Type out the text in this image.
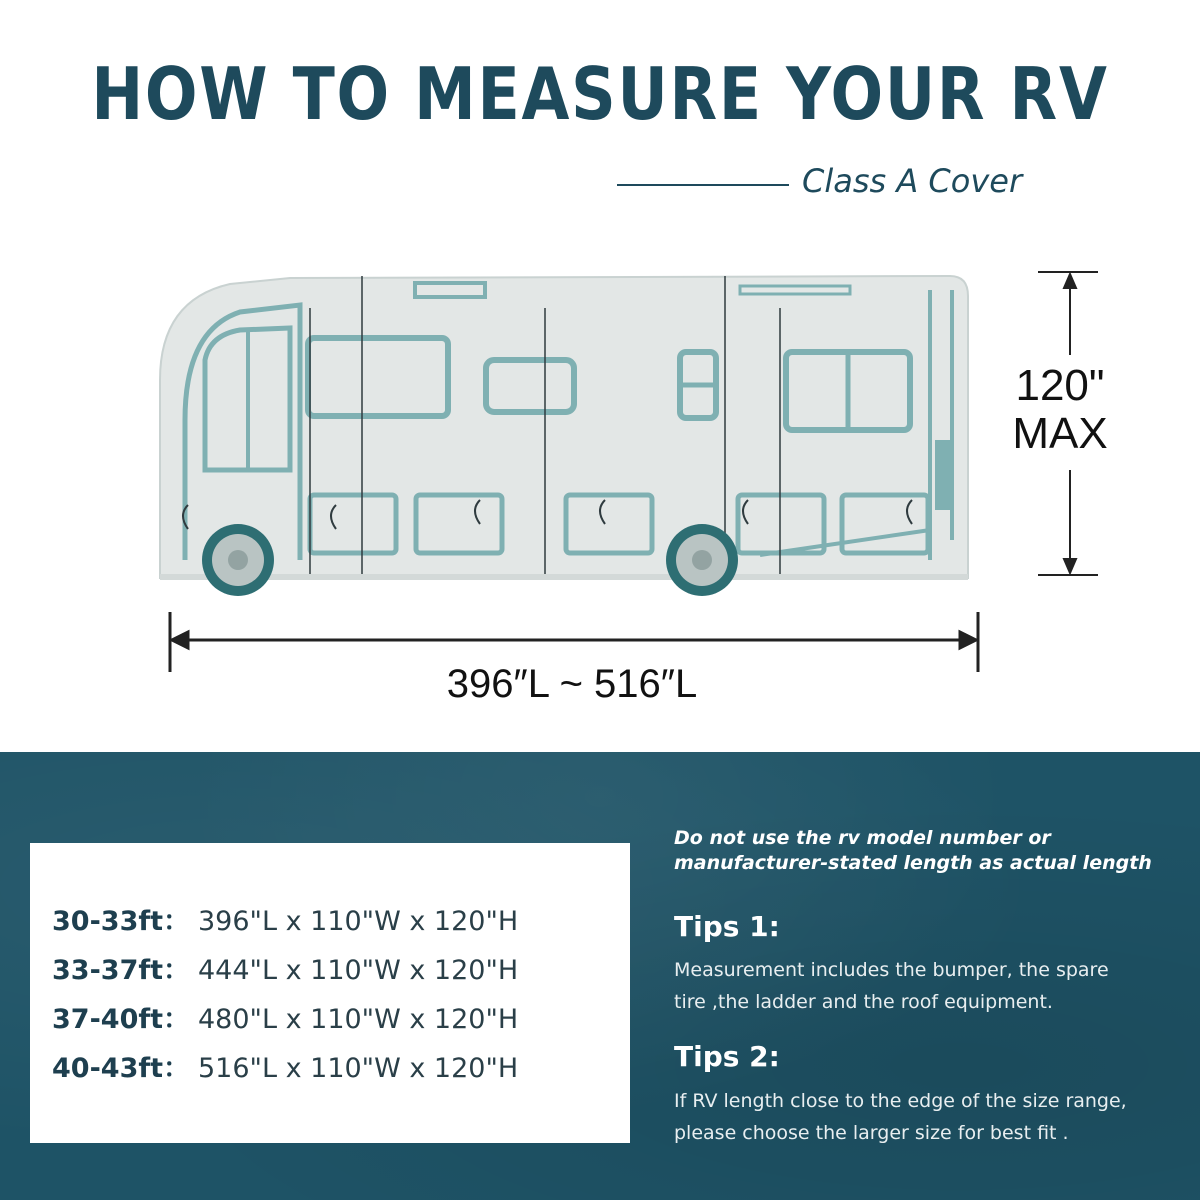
HOW TO MEASURE YOUR RV
Class A Cover
120"
MAX
396″L ~ 516″L
30-33ft： 396"L x 110"W x 120"H
33-37ft： 444"L x 110"W x 120"H
37-40ft： 480"L x 110"W x 120"H
40-43ft： 516"L x 110"W x 120"H
Do not use the rv model number or
manufacturer-stated length as actual length
Tips 1:
Measurement includes the bumper, the spare
tire ,the ladder and the roof equipment.
Tips 2:
If RV length close to the edge of the size range,
please choose the larger size for best fit .
